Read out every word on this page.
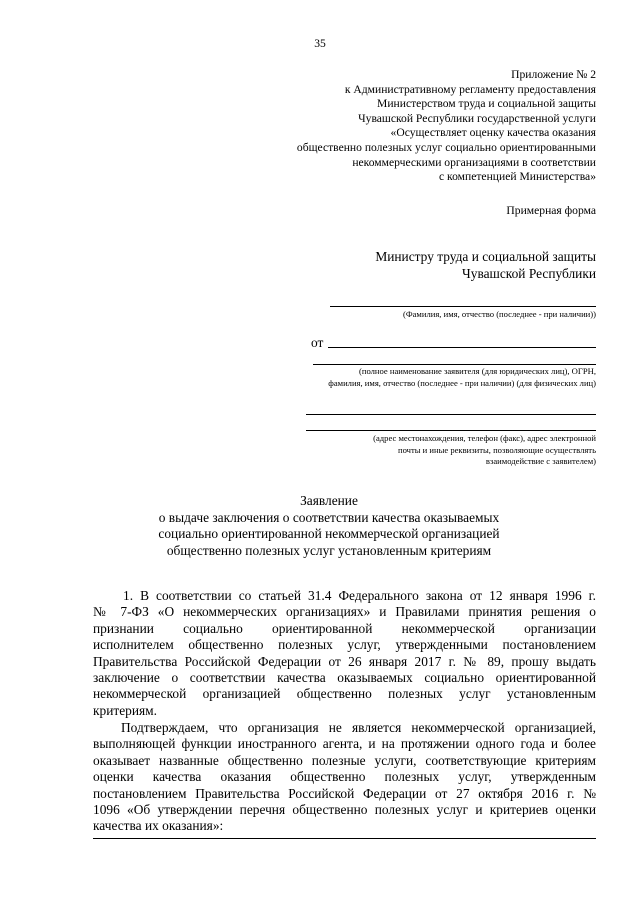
35
Приложение № 2
к Административному регламенту предоставления
Министерством труда и социальной защиты
Чувашской Республики государственной услуги
«Осуществляет оценку качества оказания
общественно полезных услуг социально ориентированными
некоммерческими организациями в соответствии
с компетенцией Министерства»
Примерная форма
Министру труда и социальной защиты
Чувашской Республики
(Фамилия, имя, отчество (последнее - при наличии))
от
(полное наименование заявителя (для юридических лиц), ОГРН,
фамилия, имя, отчество (последнее - при наличии) (для физических лиц)
(адрес местонахождения, телефон (факс), адрес электронной
почты и иные реквизиты, позволяющие осуществлять
взаимодействие с заявителем)
Заявление
о выдаче заключения о соответствии качества оказываемых
социально ориентированной некоммерческой организацией
общественно полезных услуг установленным критериям
1. В соответствии со статьей 31.4 Федерального закона от 12 января 1996 г.
№ 7-ФЗ «О некоммерческих организациях» и Правилами принятия решения о
признании социально ориентированной некоммерческой организации
исполнителем общественно полезных услуг, утвержденными постановлением
Правительства Российской Федерации от 26 января 2017 г. № 89, прошу выдать
заключение о соответствии качества оказываемых социально ориентированной
некоммерческой организацией общественно полезных услуг установленным
критериям.
Подтверждаем, что организация не является некоммерческой организацией,
выполняющей функции иностранного агента, и на протяжении одного года и более
оказывает названные общественно полезные услуги, соответствующие критериям
оценки качества оказания общественно полезных услуг, утвержденным
постановлением Правительства Российской Федерации от 27 октября 2016 г. №
1096 «Об утверждении перечня общественно полезных услуг и критериев оценки
качества их оказания»:
